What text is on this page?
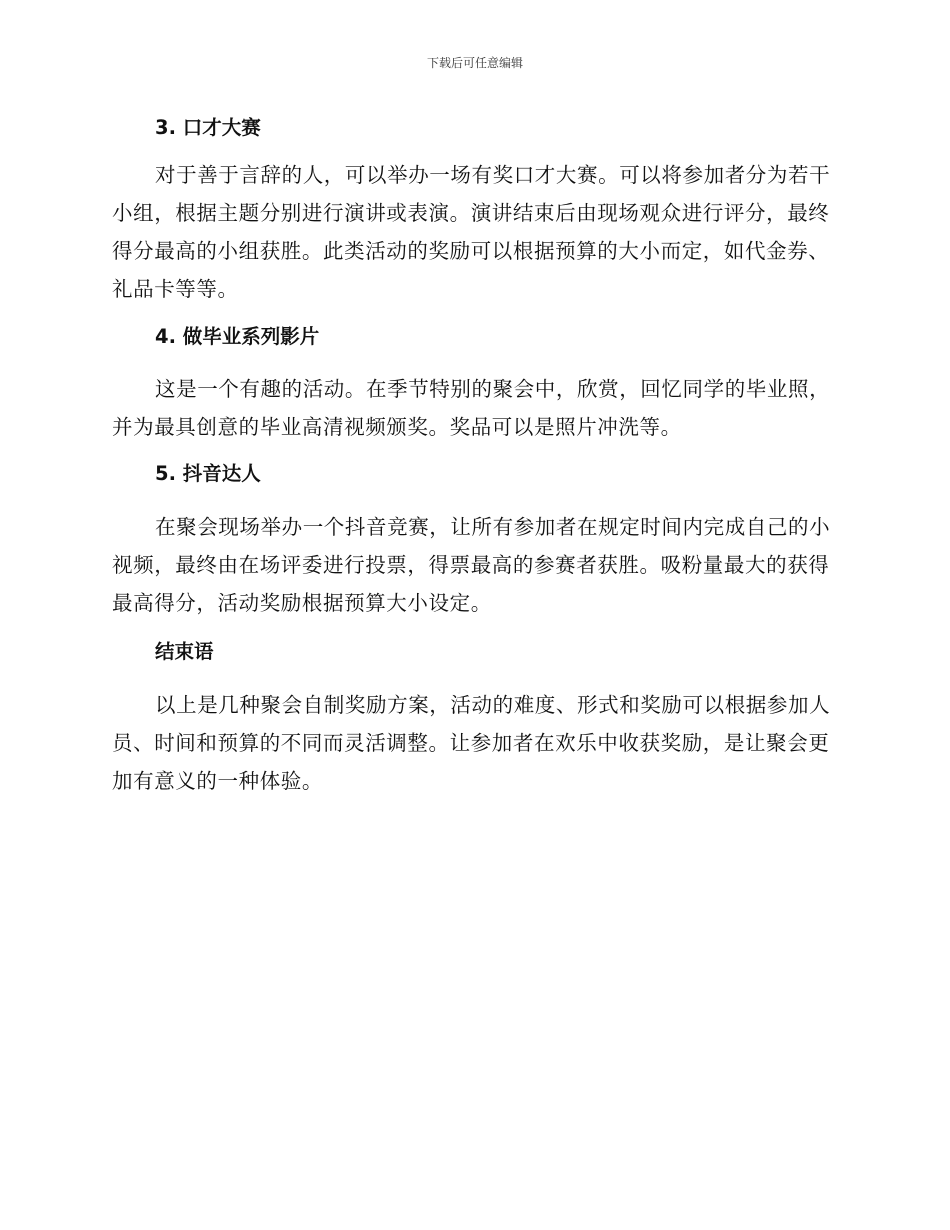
下载后可任意编辑
3. 口才大赛

对于善于言辞的人，可以举办一场有奖口才大赛。可以将参加者分为若干小组，根据主题分别进行演讲或表演。演讲结束后由现场观众进行评分，最终得分最高的小组获胜。此类活动的奖励可以根据预算的大小而定，如代金券、礼品卡等等。

4. 做毕业系列影片

这是一个有趣的活动。在季节特别的聚会中，欣赏，回忆同学的毕业照，并为最具创意的毕业高清视频颁奖。奖品可以是照片冲洗等。

5. 抖音达人

在聚会现场举办一个抖音竞赛，让所有参加者在规定时间内完成自己的小视频，最终由在场评委进行投票，得票最高的参赛者获胜。吸粉量最大的获得最高得分，活动奖励根据预算大小设定。

结束语

以上是几种聚会自制奖励方案，活动的难度、形式和奖励可以根据参加人员、时间和预算的不同而灵活调整。让参加者在欢乐中收获奖励，是让聚会更加有意义的一种体验。
